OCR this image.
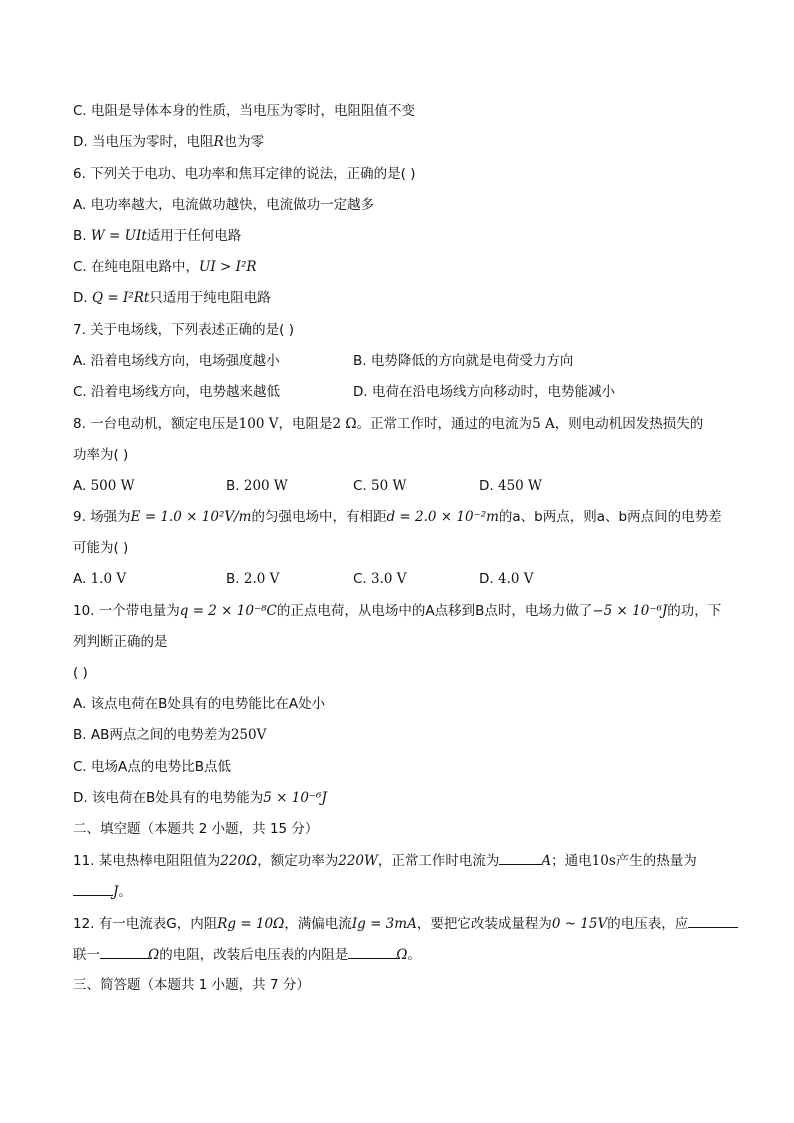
C. 电阻是导体本身的性质，当电压为零时，电阻阻值不变
D. 当电压为零时，电阻R也为零
6. 下列关于电功、电功率和焦耳定律的说法，正确的是( )
A. 电功率越大，电流做功越快，电流做功一定越多
B. W = UIt适用于任何电路
C. 在纯电阻电路中，UI > I²R
D. Q = I²Rt只适用于纯电阻电路
7. 关于电场线，下列表述正确的是( )
A. 沿着电场线方向，电场强度越小	B. 电势降低的方向就是电荷受力方向
C. 沿着电场线方向，电势越来越低	D. 电荷在沿电场线方向移动时，电势能减小
8. 一台电动机，额定电压是100 V，电阻是2 Ω。正常工作时，通过的电流为5 A，则电动机因发热损失的
功率为( )
A. 500 W	B. 200 W	C. 50 W	D. 450 W
9. 场强为E = 1.0 × 10²V/m的匀强电场中，有相距d = 2.0 × 10⁻²m的a、b两点，则a、b两点间的电势差
可能为( )
A. 1.0 V	B. 2.0 V	C. 3.0 V	D. 4.0 V
10. 一个带电量为q = 2 × 10⁻⁸C的正点电荷，从电场中的A点移到B点时，电场力做了−5 × 10⁻⁶J的功，下
列判断正确的是
( )
A. 该点电荷在B处具有的电势能比在A处小
B. AB两点之间的电势差为250V
C. 电场A点的电势比B点低
D. 该电荷在B处具有的电势能为5 × 10⁻⁶J
二、填空题（本题共 2 小题，共 15 分）
11. 某电热棒电阻阻值为220Ω，额定功率为220W，正常工作时电流为	A；通电10s产生的热量为
J。
12. 有一电流表G，内阻Rg = 10Ω，满偏电流Ig = 3mA，要把它改装成量程为0 ~ 15V的电压表，应
联一	Ω的电阻，改装后电压表的内阻是	Ω。
三、简答题（本题共 1 小题，共 7 分）
